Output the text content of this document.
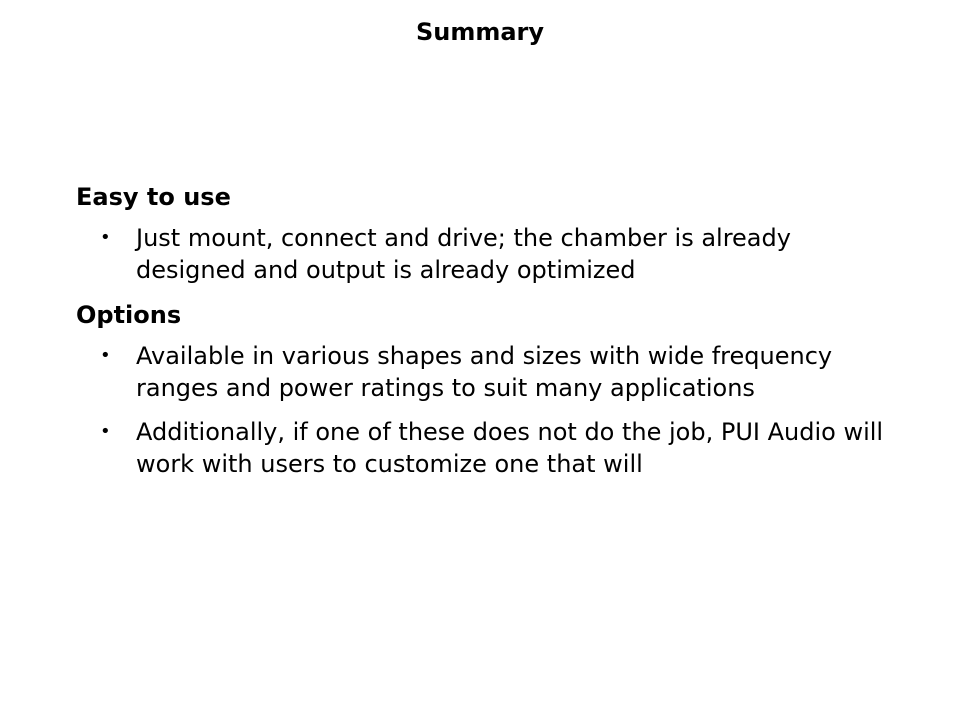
Summary
Easy to use
• Just mount, connect and drive; the chamber is already designed and output is already optimized
Options
• Available in various shapes and sizes with wide frequency ranges and power ratings to suit many applications
• Additionally, if one of these does not do the job, PUI Audio will work with users to customize one that will
